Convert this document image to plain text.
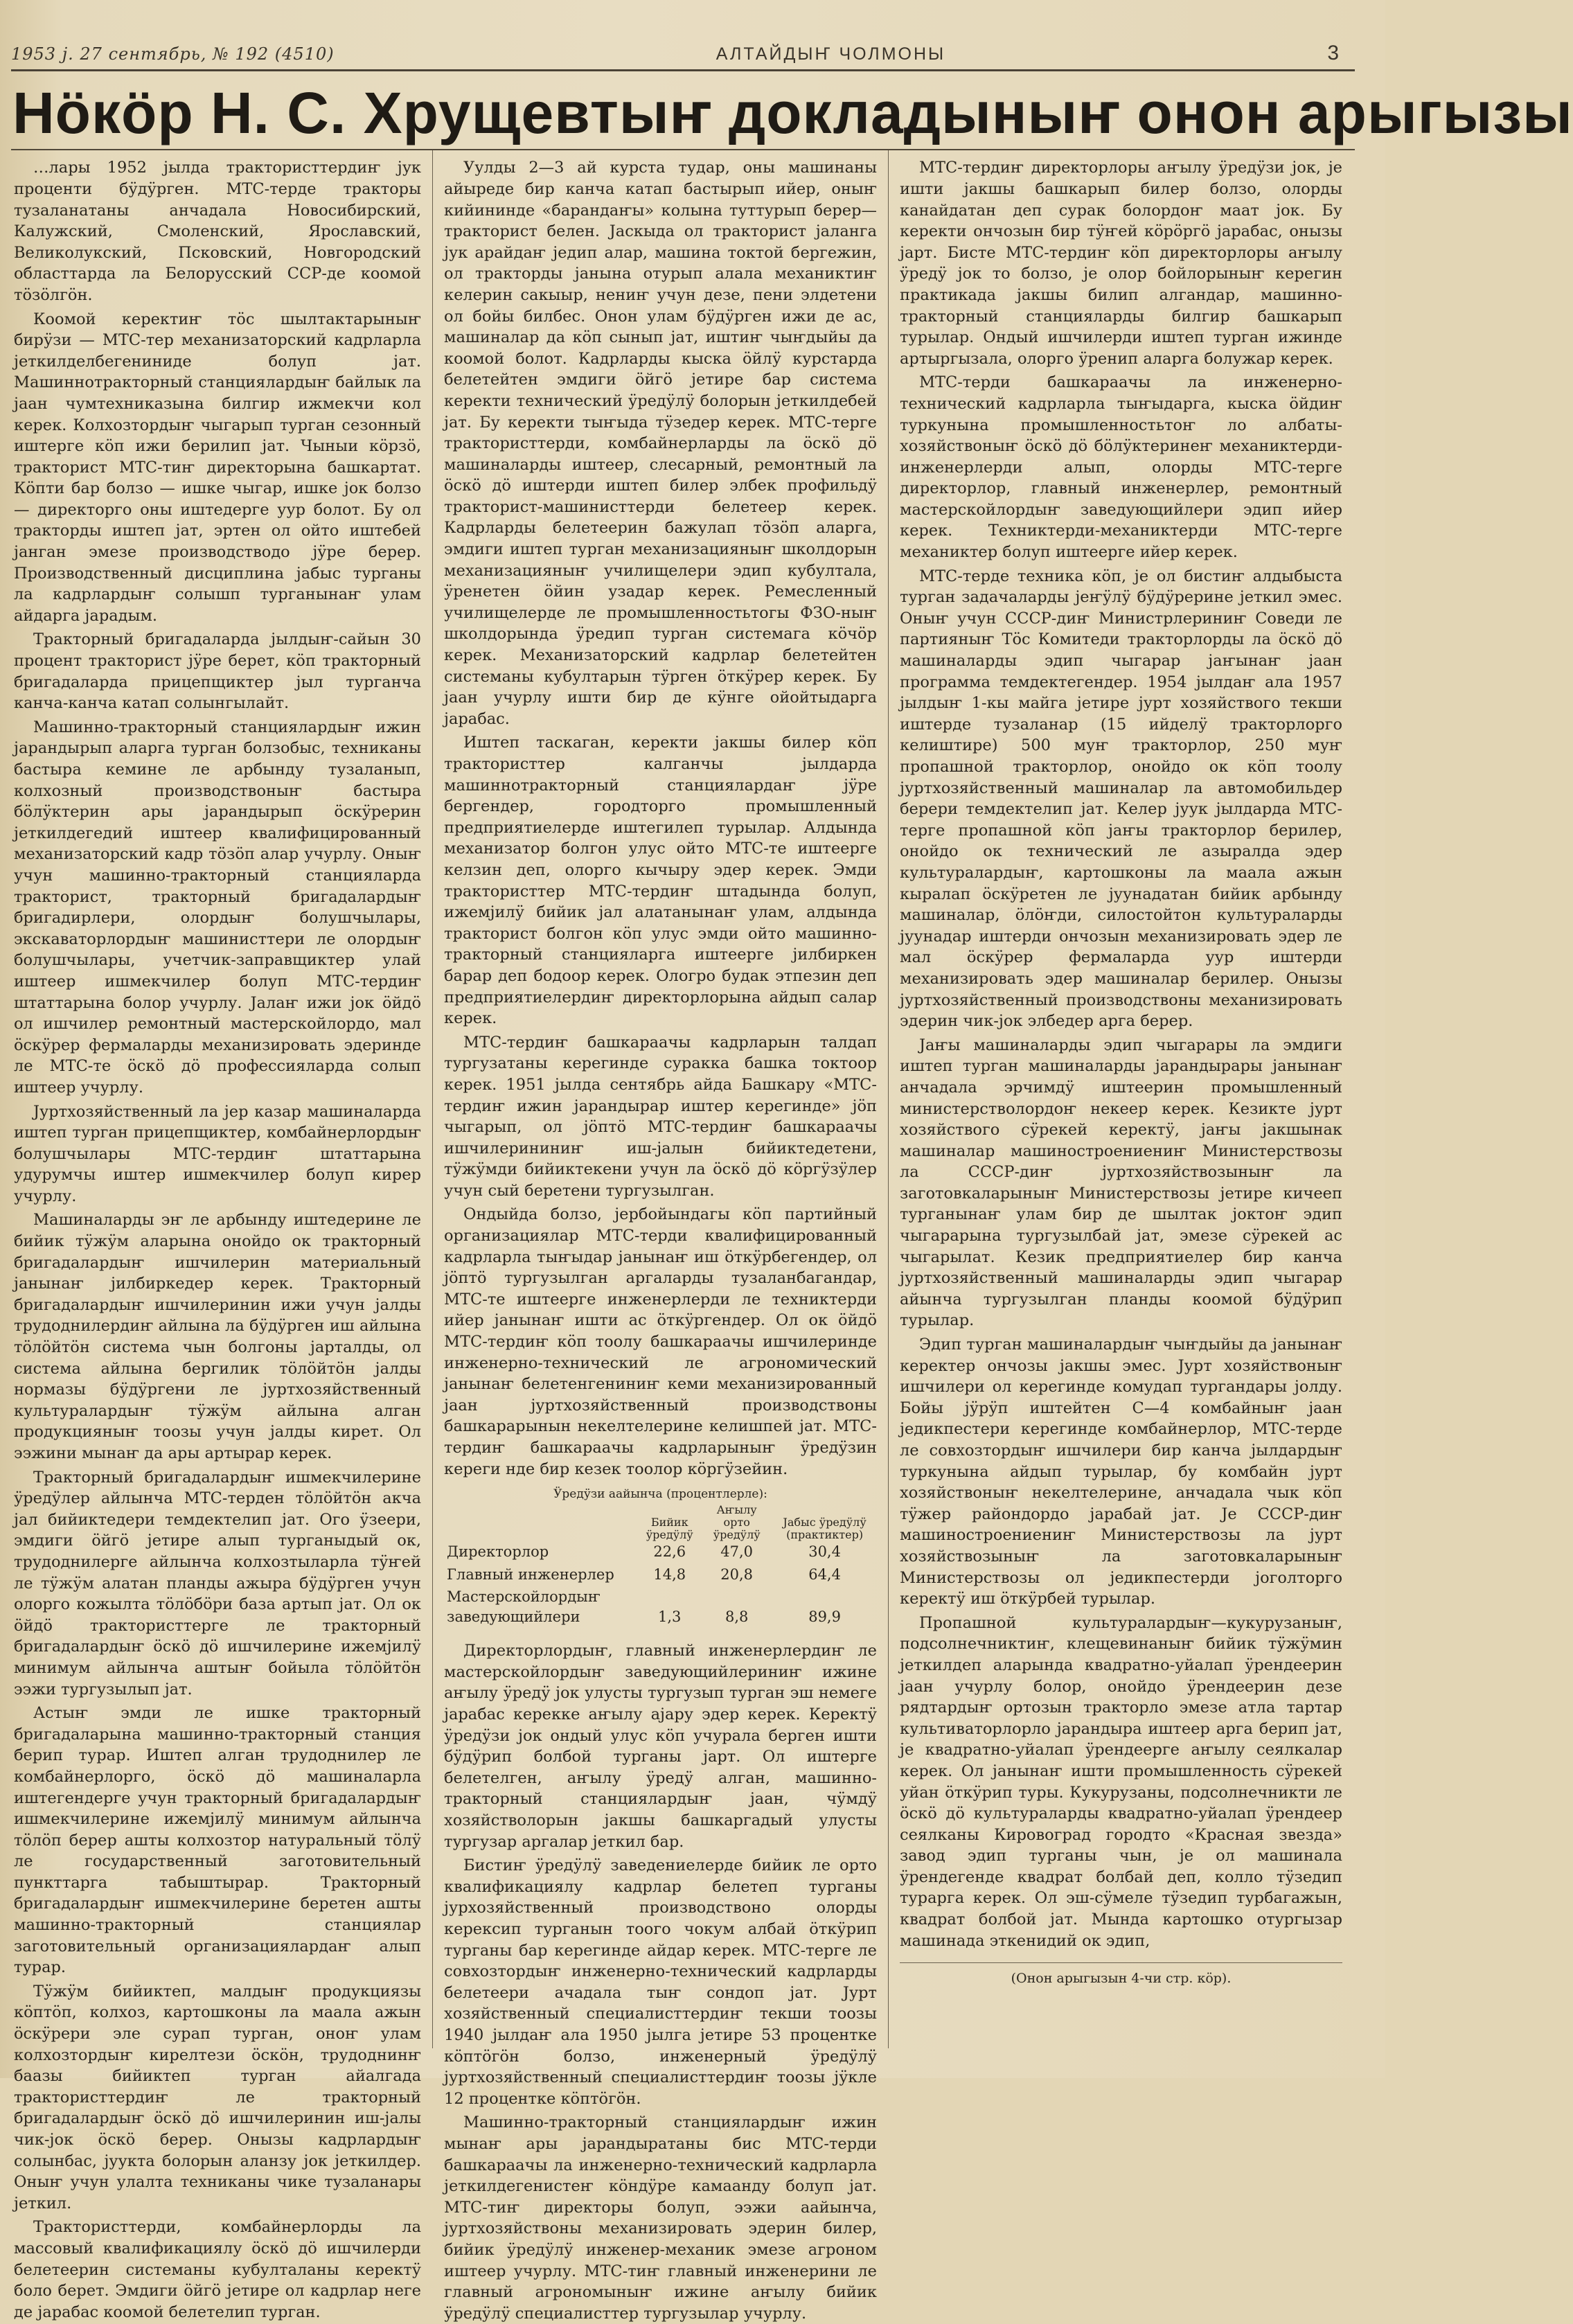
1953 ј. 27 сентябрь, № 192 (4510)	АЛТАЙДЫҤ ЧОЛМОНЫ	3
Нӧкӧр Н. С. Хрущевтыҥ докладыныҥ онон арыгызы

…лары 1952 јылда трактористтердиҥ јук проценти бӱдӱрген. МТС-терде тракторы тузаланатаны анчадала Новосибирский, Калужский, Смоленский, Ярославский, Великолукский, Псковский, Новгородский областтарда ла Белорусский ССР-де коомой тӧзӧлгӧн.

Коомой керектиҥ тӧс шылтактарыныҥ бирӱзи — МТС-тер механизаторский кадрларла јеткилделбегениниде болуп јат. Машиннотракторный станциялардыҥ байлык ла јаан чумтехниказына билгир ижмекчи кол керек. Колхозтордыҥ чыгарып турган сезонный иштерге кӧп ижи берилип јат. Чыныи кӧрзӧ, тракторист МТС-тиҥ директорына башкартат. Кӧпти бар болзо — ишке чыгар, ишке јок болзо — директорго оны иштедерге уур болот. Бу ол тракторды иштеп јат, эртен ол ойто иштебей јанган эмезе производстводо јӱре берер. Производственный дисциплина јабыс турганы ла кадрлардыҥ солышп турганынаҥ улам айдарга јарадым.

Тракторный бригадаларда јылдыҥ-сайын 30 процент тракторист јӱре берет, кӧп тракторный бригадаларда прицепщиктер јыл турганча канча-канча катап солынгылайт.

Машинно-тракторный станциялардыҥ ижин јарандырып аларга турган болзобыс, техниканы бастыра кемине ле арбынду тузаланып, колхозный производствоныҥ бастыра бӧлӱктерин ары јарандырып ӧскӱрерин јеткилдегедий иштеер квалифицированный механизаторский кадр тӧзӧп алар учурлу. Оныҥ учун машинно-тракторный станцияларда тракторист, тракторный бригадалардыҥ бригадирлери, олордыҥ болушчылары, экскаваторлордыҥ машинисттери ле олордыҥ болушчылары, учетчик-заправщиктер улай иштеер ишмекчилер болуп МТС-тердиҥ штаттарына болор учурлу. Jалаҥ ижи јок ӧйдӧ ол ишчилер ремонтный мастерскойлордо, мал ӧскӱрер фермаларды механизировать эдеринде ле МТС-те ӧскӧ дӧ профессияларда солып иштеер учурлу.

Јуртхозяйственный ла јер казар машиналарда иштеп турган прицепщиктер, комбайнерлордыҥ болушчылары МТС-тердиҥ штаттарына удурумчы иштер ишмекчилер болуп кирер учурлу.

Машиналарды эҥ ле арбынду иштедерине ле бийик тӱжӱм аларына онойдо ок тракторный бригадалардыҥ ишчилерин материальный јанынаҥ јилбиркедер керек. Тракторный бригадалардыҥ ишчилеринин ижи учун јалды трудоднилердиҥ айлына ла бӱдӱрген иш айлына тӧлӧйтӧн система чын болгоны јарталды, ол система айлына бергилик тӧлӧйтӧн јалды нормазы бӱдӱргени ле јуртхозяйственный культуралардыҥ тӱжӱм айлына алган продукцияныҥ тоозы учун јалды кирет. Ол ээжини мынаҥ да ары артырар керек.

Тракторный бригадалардыҥ ишмекчилерине ӱредӱлер айлынча МТС-терден тӧлӧйтӧн акча јал бийиктедери темдектелип јат. Ого ӱзеери, эмдиги ӧйгӧ јетире алып турганыдый ок, трудоднилерге айлынча колхозтыларла тӱҥей ле тӱжӱм алатан планды ажыра бӱдӱрген учун олорго кожылта тӧлӧбӧри база артып јат. Ол ок ӧйдӧ трактористтерге ле тракторный бригадалардыҥ ӧскӧ дӧ ишчилерине ижемјилӱ минимум айлынча аштыҥ бойыла тӧлӧйтӧн ээжи тургузылып јат.

Астыҥ эмди ле ишке тракторный бригадаларына машинно-тракторный станция берип турар. Иштеп алган трудоднилер ле комбайнерлорго, ӧскӧ дӧ машиналарла иштегендерге учун тракторный бригадалардыҥ ишмекчилерине ижемјилӱ минимум айлынча тӧлӧп берер ашты колхозтор натуральный тӧлӱ ле государственный заготовительный пункттарга табыштырар. Тракторный бригадалардыҥ ишмекчилерине беретен ашты машинно-тракторный станциялар заготовительный организациялардаҥ алып турар.

Тӱжӱм бийиктеп, малдыҥ продукциязы кӧптӧп, колхоз, картошконы ла маала ажын ӧскӱрери эле сурап турган, оноҥ улам колхозтордыҥ кирелтези ӧскӧн, трудоднинҥ баазы бийиктеп турган айалгада трактористтердиҥ ле тракторный бригадалардыҥ ӧскӧ дӧ ишчилеринин иш-јалы чик-јок ӧскӧ берер. Онызы кадрлардыҥ солынбас, јуукта болорын аланзу јок јеткилдер. Оныҥ учун улалта техниканы чике тузаланары јеткил.

Трактористтерди, комбайнерлорды ла массовый квалификациялу ӧскӧ дӧ ишчилерди белетеерин системаны кубулталаны керектӱ боло берет. Эмдиги ӧйгӧ јетире ол кадрлар неге де јарабас коомой белетелип турган.

Уулды 2—3 ай курста тудар, оны машинаны айыреде бир канча катап бастырып ийер, оныҥ кийининде «барандаҥы» колына туттурып берер—тракторист белен. Јаскыда ол тракторист јаланга јук арайдаҥ једип алар, машина токтой бергежин, ол тракторды јанына отурып алала механиктиҥ келерин сакыыр, нениҥ учун дезе, пени элдетени ол бойы билбес. Онон улам бӱдӱрген ижи де ас, машиналар да кӧп сынып јат, иштиҥ чыҥдыйы да коомой болот. Кадрларды кыска ӧйлӱ курстарда белетейтен эмдиги ӧйгӧ јетире бар система керекти технический ӱредӱлӱ болорын јеткилдебей јат. Бу керекти тыҥыда тӱзедер керек. МТС-терге трактористтерди, комбайнерларды ла ӧскӧ дӧ машиналарды иштеер, слесарный, ремонтный ла ӧскӧ дӧ иштерди иштеп билер элбек профильдӱ тракторист-машинисттерди белетеер керек. Кадрларды белетеерин бажулап тӧзӧп аларга, эмдиги иштеп турган механизацияныҥ школдорын механизацияныҥ училищелери эдип кубултала, ӱренетен ӧйин узадар керек. Ремесленный училищелерде ле промышленностьтогы ФЗО-ныҥ школдорында ӱредип турган системага кӧчӧр керек. Механизаторский кадрлар белетейтен системаны кубултарын тӱрген ӧткӱрер керек. Бу јаан учурлу ишти бир де кӱнге ойойтыдарга јарабас.

Иштеп таскаган, керекти јакшы билер кӧп трактористтер калганчы јылдарда машиннотракторный станциялардаҥ јӱре бергендер, городторго промышленный предприятиелерде иштегилеп турылар. Алдында механизатор болгон улус ойто МТС-те иштеерге келзин деп, олорго кычыру эдер керек. Эмди трактористтер МТС-тердиҥ штадында болуп, ижемјилӱ бийик јал алатанынаҥ улам, алдында тракторист болгон кӧп улус эмди ойто машинно-тракторный станцияларга иштеерге јилбиркен барар деп бодоор керек. Ологро будак этпезин деп предприятиелердиҥ директорлорына айдып салар керек.

МТС-тердиҥ башкараачы кадрларын талдап тургузатаны керегинде суракка башка токтоор керек. 1951 јылда сентябрь айда Башкару «МТС-тердиҥ ижин јарандырар иштер керегинде» јӧп чыгарып, ол јӧптӧ МТС-тердиҥ башкараачы ишчилерининиҥ иш-јалын бийиктедетени, тӱжӱмди бийиктекени учун ла ӧскӧ дӧ кӧргӱзӱлер учун сый беретени тургузылган.

Ондыйда болзо, јербойындагы кӧп партийный организациялар МТС-терди квалифицированный кадрларла тыҥыдар јанынаҥ иш ӧткӱрбегендер, ол јӧптӧ тургузылган аргаларды тузаланбагандар, МТС-те иштеерге инженерлерди ле техниктерди ийер јанынаҥ ишти ас ӧткӱргендер. Ол ок ӧйдӧ МТС-тердиҥ кӧп тоолу башкараачы ишчилеринде инженерно-технический ле агрономический јанынаҥ белетенгениниҥ кеми механизированный јаан јуртхозяйственный производствоны башкарарынын некелтелерине келишпей јат. МТС-тердиҥ башкараачы кадрларыныҥ ӱредӱзин кереги нде бир кезек тоолор кӧргӱзейин.

Ӱредӱзи аайынча (процентлерле):
	Бийик ӱредӱлӱ	Аҥылу орто ӱредӱлӱ	Јабыс ӱредӱлӱ (практиктер)
Директорлор	22,6	47,0	30,4
Главный инженерлер	14,8	20,8	64,4
Мастерскойлордыҥ заведующийлери	1,3	8,8	89,9

Директорлордыҥ, главный инженерлердиҥ ле мастерскойлордыҥ заведующийлериниҥ ижине аҥылу ӱредӱ јок улусты тургузып турган эш немеге јарабас керекке аҥылу ајару эдер керек. Керектӱ ӱредӱзи јок ондый улус кӧп учурала берген ишти бӱдӱрип болбой турганы јарт. Ол иштерге белетелген, аҥылу ӱредӱ алган, машинно-тракторный станциялардыҥ јаан, чӱмдӱ хозяйстволорын јакшы башкаргадый улусты тургузар аргалар јеткил бар.

Бистиҥ ӱредӱлӱ заведениелерде бийик ле орто квалификациялу кадрлар белетеп турганы јурхозяйственный производствоно олорды керексип турганын тоого чокум албай ӧткӱрип турганы бар керегинде айдар керек. МТС-терге ле совхозтордыҥ инженерно-технический кадрларды белетеери ачадала тыҥ сондоп јат. Јурт хозяйственный специалисттердиҥ текши тоозы 1940 јылдаҥ ала 1950 јылга јетире 53 процентке кӧптӧгӧн болзо, инженерный ӱредӱлӱ јуртхозяйственный специалисттердиҥ тоозы јӱкле 12 процентке кӧптӧгӧн.

Машинно-тракторный станциялардыҥ ижин мынаҥ ары јарандыратаны бис МТС-терди башкараачы ла инженерно-технический кадрларла јеткилдегенистеҥ кӧндӱре камаанду болуп јат. МТС-тиҥ директоры болуп, ээжи аайынча, јуртхозяйствоны механизировать эдерин билер, бийик ӱредӱлӱ инженер-механик эмезе агроном иштеер учурлу. МТС-тиҥ главный инженерини ле главный агрономыныҥ ижине аҥылу бийик ӱредӱлӱ специалисттер тургузылар учурлу.

МТС-тердиҥ директорлоры аҥылу ӱредӱзи јок, је ишти јакшы башкарып билер болзо, олорды канайдатан деп сурак болордоҥ маат јок. Бу керекти ончозын бир тӱҥей кӧрӧргӧ јарабас, онызы јарт. Бисте МТС-тердиҥ кӧп директорлоры аҥылу ӱредӱ јок то болзо, је олор бойлорыныҥ керегин практикада јакшы билип алгандар, машинно-тракторный станцияларды билгир башкарып турылар. Ондый ишчилерди иштеп турган ижинде артыргызала, олорго ӱренип аларга болужар керек.

МТС-терди башкараачы ла инженерно-технический кадрларла тыҥыдарга, кыска ӧйдиҥ туркунына промышленностьтоҥ ло албаты-хозяйствоныҥ ӧскӧ дӧ бӧлӱктеринеҥ механиктерди-инженерлерди алып, олорды МТС-терге директорлор, главный инженерлер, ремонтный мастерскойлордыҥ заведующийлери эдип ийер керек. Техниктерди-механиктерди МТС-терге механиктер болуп иштеерге ийер керек.

МТС-терде техника кӧп, је ол бистиҥ алдыбыста турган задачаларды јеҥӱлӱ бӱдӱрерине јеткил эмес. Оныҥ учун СССР-диҥ Министрлериниҥ Соведи ле партияныҥ Тӧс Комитеди тракторлорды ла ӧскӧ дӧ машиналарды эдип чыгарар јаҥынаҥ јаан программа темдектегендер. 1954 јылдаҥ ала 1957 јылдыҥ 1-кы майга јетире јурт хозяйствого текши иштерде тузаланар (15 ийделӱ тракторлорго келиштире) 500 муҥ тракторлор, 250 муҥ пропашной тракторлор, онойдо ок кӧп тоолу јуртхозяйственный машиналар ла автомобильдер берери темдектелип јат. Келер јуук јылдарда МТС-терге пропашной кӧп јаҥы тракторлор берилер, онойдо ок технический ле азыралда эдер культуралардыҥ, картошконы ла маала ажын кыралап ӧскӱретен ле јуунадатан бийик арбынду машиналар, ӧлӧҥди, силостойтон культураларды јуунадар иштерди ончозын механизировать эдер ле мал ӧскӱрер фермаларда уур иштерди механизировать эдер машиналар берилер. Онызы јуртхозяйственный производствоны механизировать эдерин чик-јок элбедер арга берер.

Јаҥы машиналарды эдип чыгарары ла эмдиги иштеп турган машиналарды јарандырары јанынаҥ анчадала эрчимдӱ иштеерин промышленный министерстволордоҥ некеер керек. Кезикте јурт хозяйствого сӱрекей керектӱ, јаҥы јакшынак машиналар машиностроениениҥ Министерствозы ла СССР-диҥ јуртхозяйствозыныҥ ла заготовкаларыныҥ Министерствозы јетире кичееп турганынаҥ улам бир де шылтак јоктоҥ эдип чыгарарына тургузылбай јат, эмезе сӱрекей ас чыгарылат. Кезик предприятиелер бир канча јуртхозяйственный машиналарды эдип чыгарар айынча тургузылган планды коомой бӱдӱрип турылар.

Эдип турган машиналардыҥ чыҥдыйы да јанынаҥ керектер ончозы јакшы эмес. Јурт хозяйствоныҥ ишчилери ол керегинде комудап тургандары јолду. Бойы јӱрӱп иштейтен С—4 комбайныҥ јаан једикпестери керегинде комбайнерлор, МТС-терде ле совхозтордыҥ ишчилери бир канча јылдардыҥ туркунына айдып турылар, бу комбайн јурт хозяйствоныҥ некелтелерине, анчадала чык кӧп тӱжер райондордо јарабай јат. Је СССР-диҥ машиностроениениҥ Министерствозы ла јурт хозяйствозыныҥ ла заготовкаларыныҥ Министерствозы ол једикпестерди јоголторго керектӱ иш ӧткӱрбей турылар.

Пропашной культуралардыҥ—кукурузаныҥ, подсолнечниктиҥ, клещевинаныҥ бийик тӱжӱмин јеткилдеп аларында квадратно-уйалап ӱрендеерин јаан учурлу болор, онойдо ӱрендеерин дезе рядтардыҥ ортозын тракторло эмезе атла тартар культиваторлорло јарандыра иштеер арга берип јат, је квадратно-уйалап ӱрендеерге аҥылу сеялкалар керек. Ол јанынаҥ ишти промышленность сӱрекей уйан ӧткӱрип туры. Кукурузаны, подсолнечникти ле ӧскӧ дӧ культураларды квадратно-уйалап ӱрендеер сеялканы Кировоград городто «Красная звезда» завод эдип турганы чын, је ол машинала ӱрендегенде квадрат болбай деп, колло тӱзедип турарга керек. Ол эш-сӱмеле тӱзедип турбагажын, квадрат болбой јат. Мында картошко отургызар машинада эткенидий ок эдип,

(Онон арыгызын 4-чи стр. кӧр).
